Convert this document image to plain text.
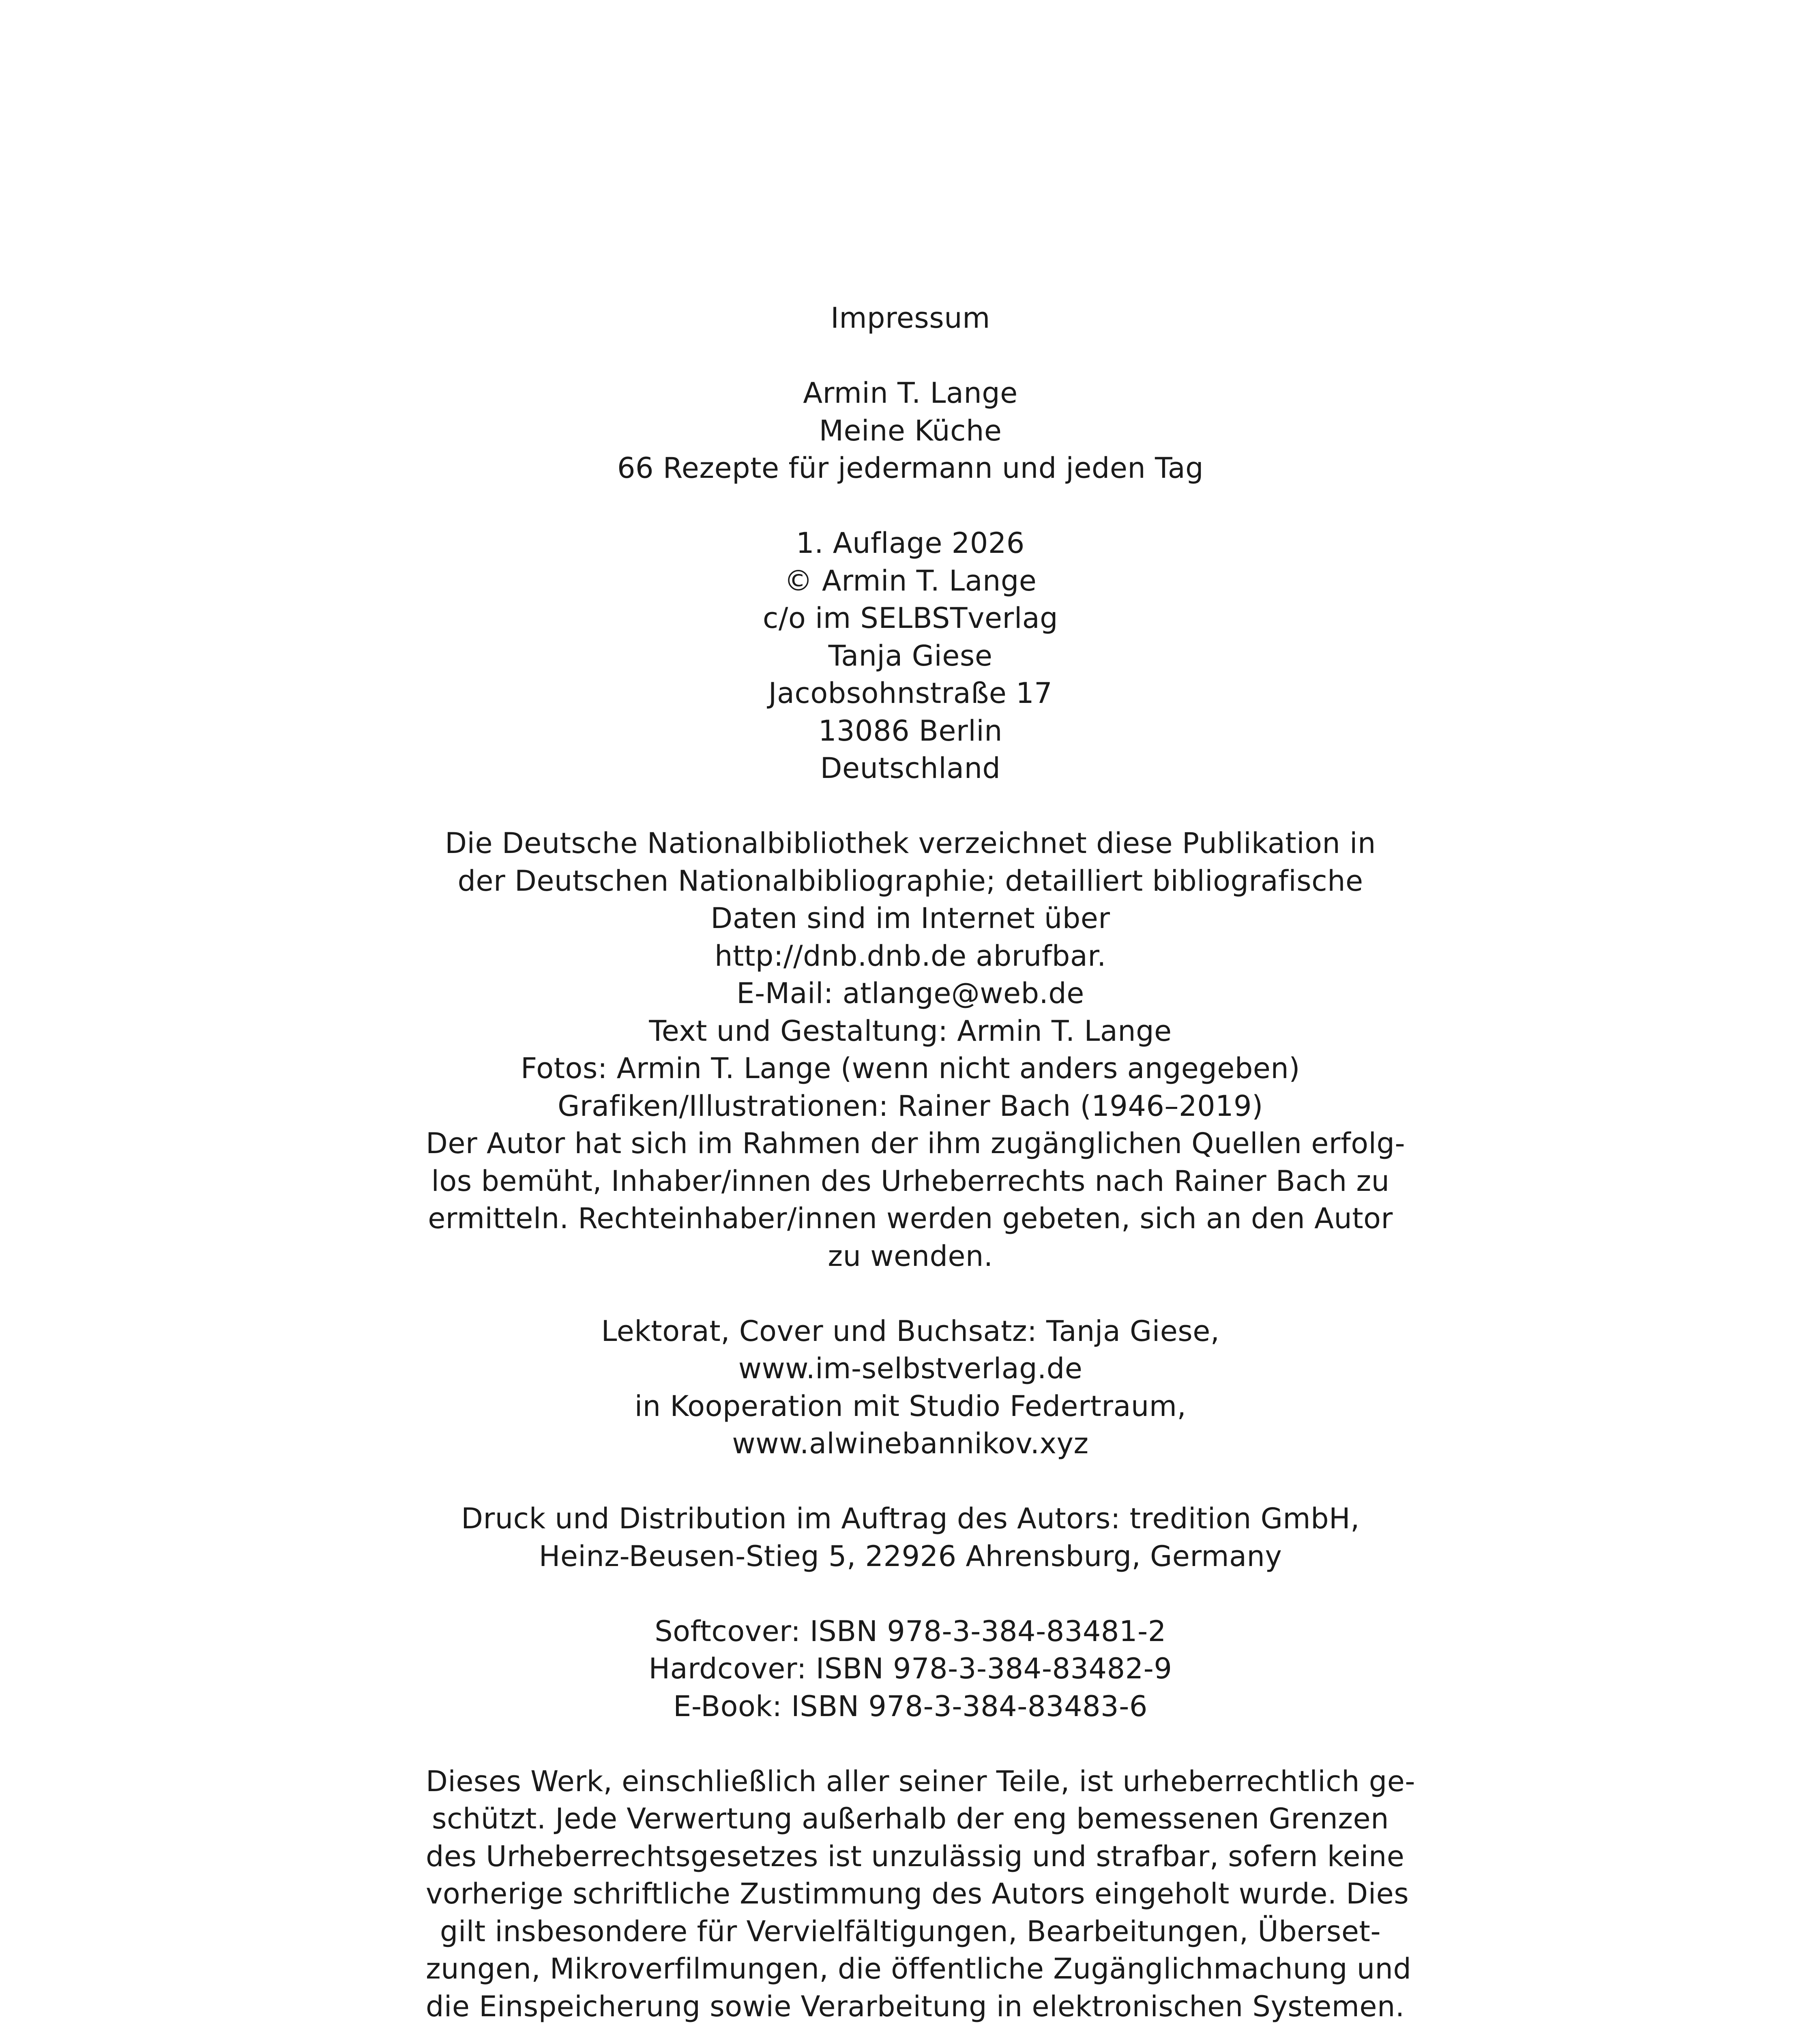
Impressum
Armin T. Lange
Meine Küche
66 Rezepte für jedermann und jeden Tag
1. Auflage 2026
© Armin T. Lange
c/o im SELBSTverlag
Tanja Giese
Jacobsohnstraße 17
13086 Berlin
Deutschland
Die Deutsche Nationalbibliothek verzeichnet diese Publikation in
der Deutschen Nationalbibliographie; detailliert bibliografische
Daten sind im Internet über
http://dnb.dnb.de abrufbar.
E-Mail: atlange@web.de
Text und Gestaltung: Armin T. Lange
Fotos: Armin T. Lange (wenn nicht anders angegeben)
Grafiken/Illustrationen: Rainer Bach (1946–2019)
Der Autor hat sich im Rahmen der ihm zugänglichen Quellen erfolg-
los bemüht, Inhaber/innen des Urheberrechts nach Rainer Bach zu
ermitteln. Rechteinhaber/innen werden gebeten, sich an den Autor
zu wenden.
Lektorat, Cover und Buchsatz: Tanja Giese,
www.im-selbstverlag.de
in Kooperation mit Studio Federtraum,
www.alwinebannikov.xyz
Druck und Distribution im Auftrag des Autors: tredition GmbH,
Heinz-Beusen-Stieg 5, 22926 Ahrensburg, Germany
Softcover: ISBN 978-3-384-83481-2
Hardcover: ISBN 978-3-384-83482-9
E-Book: ISBN 978-3-384-83483-6
Dieses Werk, einschließlich aller seiner Teile, ist urheberrechtlich ge-
schützt. Jede Verwertung außerhalb der eng bemessenen Grenzen
des Urheberrechtsgesetzes ist unzulässig und strafbar, sofern keine
vorherige schriftliche Zustimmung des Autors eingeholt wurde. Dies
gilt insbesondere für Vervielfältigungen, Bearbeitungen, Überset-
zungen, Mikroverfilmungen, die öffentliche Zugänglichmachung und
die Einspeicherung sowie Verarbeitung in elektronischen Systemen.
